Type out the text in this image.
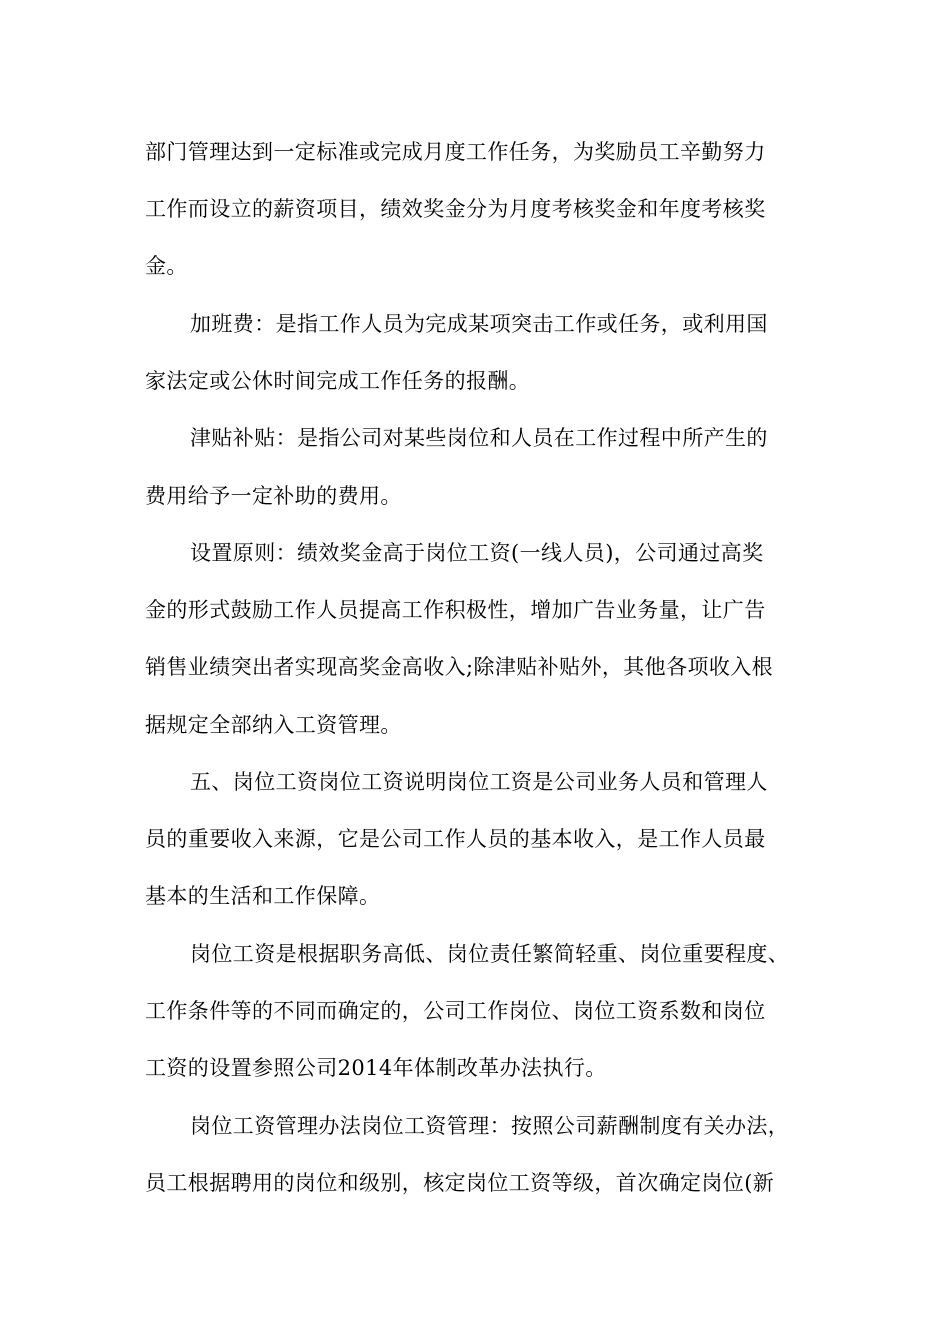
部门管理达到一定标准或完成月度工作任务，为奖励员工辛勤努力
工作而设立的薪资项目，绩效奖金分为月度考核奖金和年度考核奖
金。
加班费：是指工作人员为完成某项突击工作或任务，或利用国
家法定或公休时间完成工作任务的报酬。
津贴补贴：是指公司对某些岗位和人员在工作过程中所产生的
费用给予一定补助的费用。
设置原则：绩效奖金高于岗位工资(一线人员)，公司通过高奖
金的形式鼓励工作人员提高工作积极性，增加广告业务量，让广告
销售业绩突出者实现高奖金高收入;除津贴补贴外，其他各项收入根
据规定全部纳入工资管理。
五、岗位工资岗位工资说明岗位工资是公司业务人员和管理人
员的重要收入来源，它是公司工作人员的基本收入，是工作人员最
基本的生活和工作保障。
岗位工资是根据职务高低、岗位责任繁简轻重、岗位重要程度、
工作条件等的不同而确定的，公司工作岗位、岗位工资系数和岗位
工资的设置参照公司2014年体制改革办法执行。
岗位工资管理办法岗位工资管理：按照公司薪酬制度有关办法，
员工根据聘用的岗位和级别，核定岗位工资等级，首次确定岗位(新
